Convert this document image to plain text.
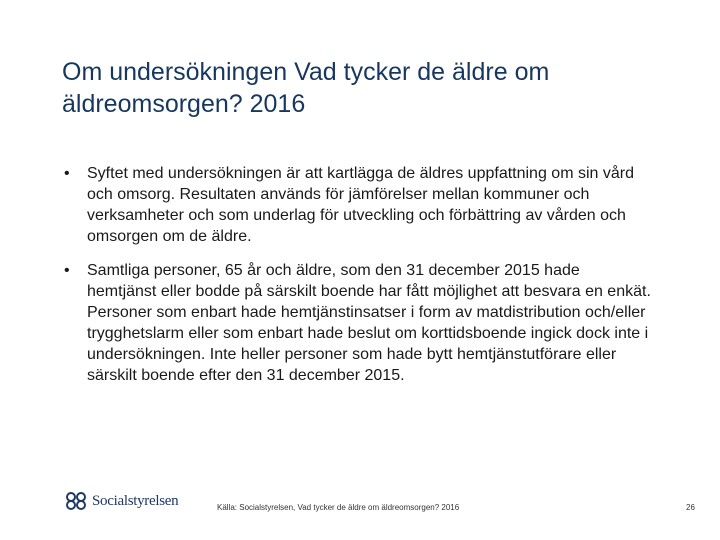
Om undersökningen Vad tycker de äldre om äldreomsorgen? 2016
• Syftet med undersökningen är att kartlägga de äldres uppfattning om sin vård och omsorg. Resultaten används för jämförelser mellan kommuner och verksamheter och som underlag för utveckling och förbättring av vården och omsorgen om de äldre.
• Samtliga personer, 65 år och äldre, som den 31 december 2015 hade hemtjänst eller bodde på särskilt boende har fått möjlighet att besvara en enkät. Personer som enbart hade hemtjänstinsatser i form av matdistribution och/eller trygghetslarm eller som enbart hade beslut om korttidsboende ingick dock inte i undersökningen. Inte heller personer som hade bytt hemtjänstutförare eller särskilt boende efter den 31 december 2015.
Socialstyrelsen	Källa: Socialstyrelsen, Vad tycker de äldre om äldreomsorgen? 2016	26
